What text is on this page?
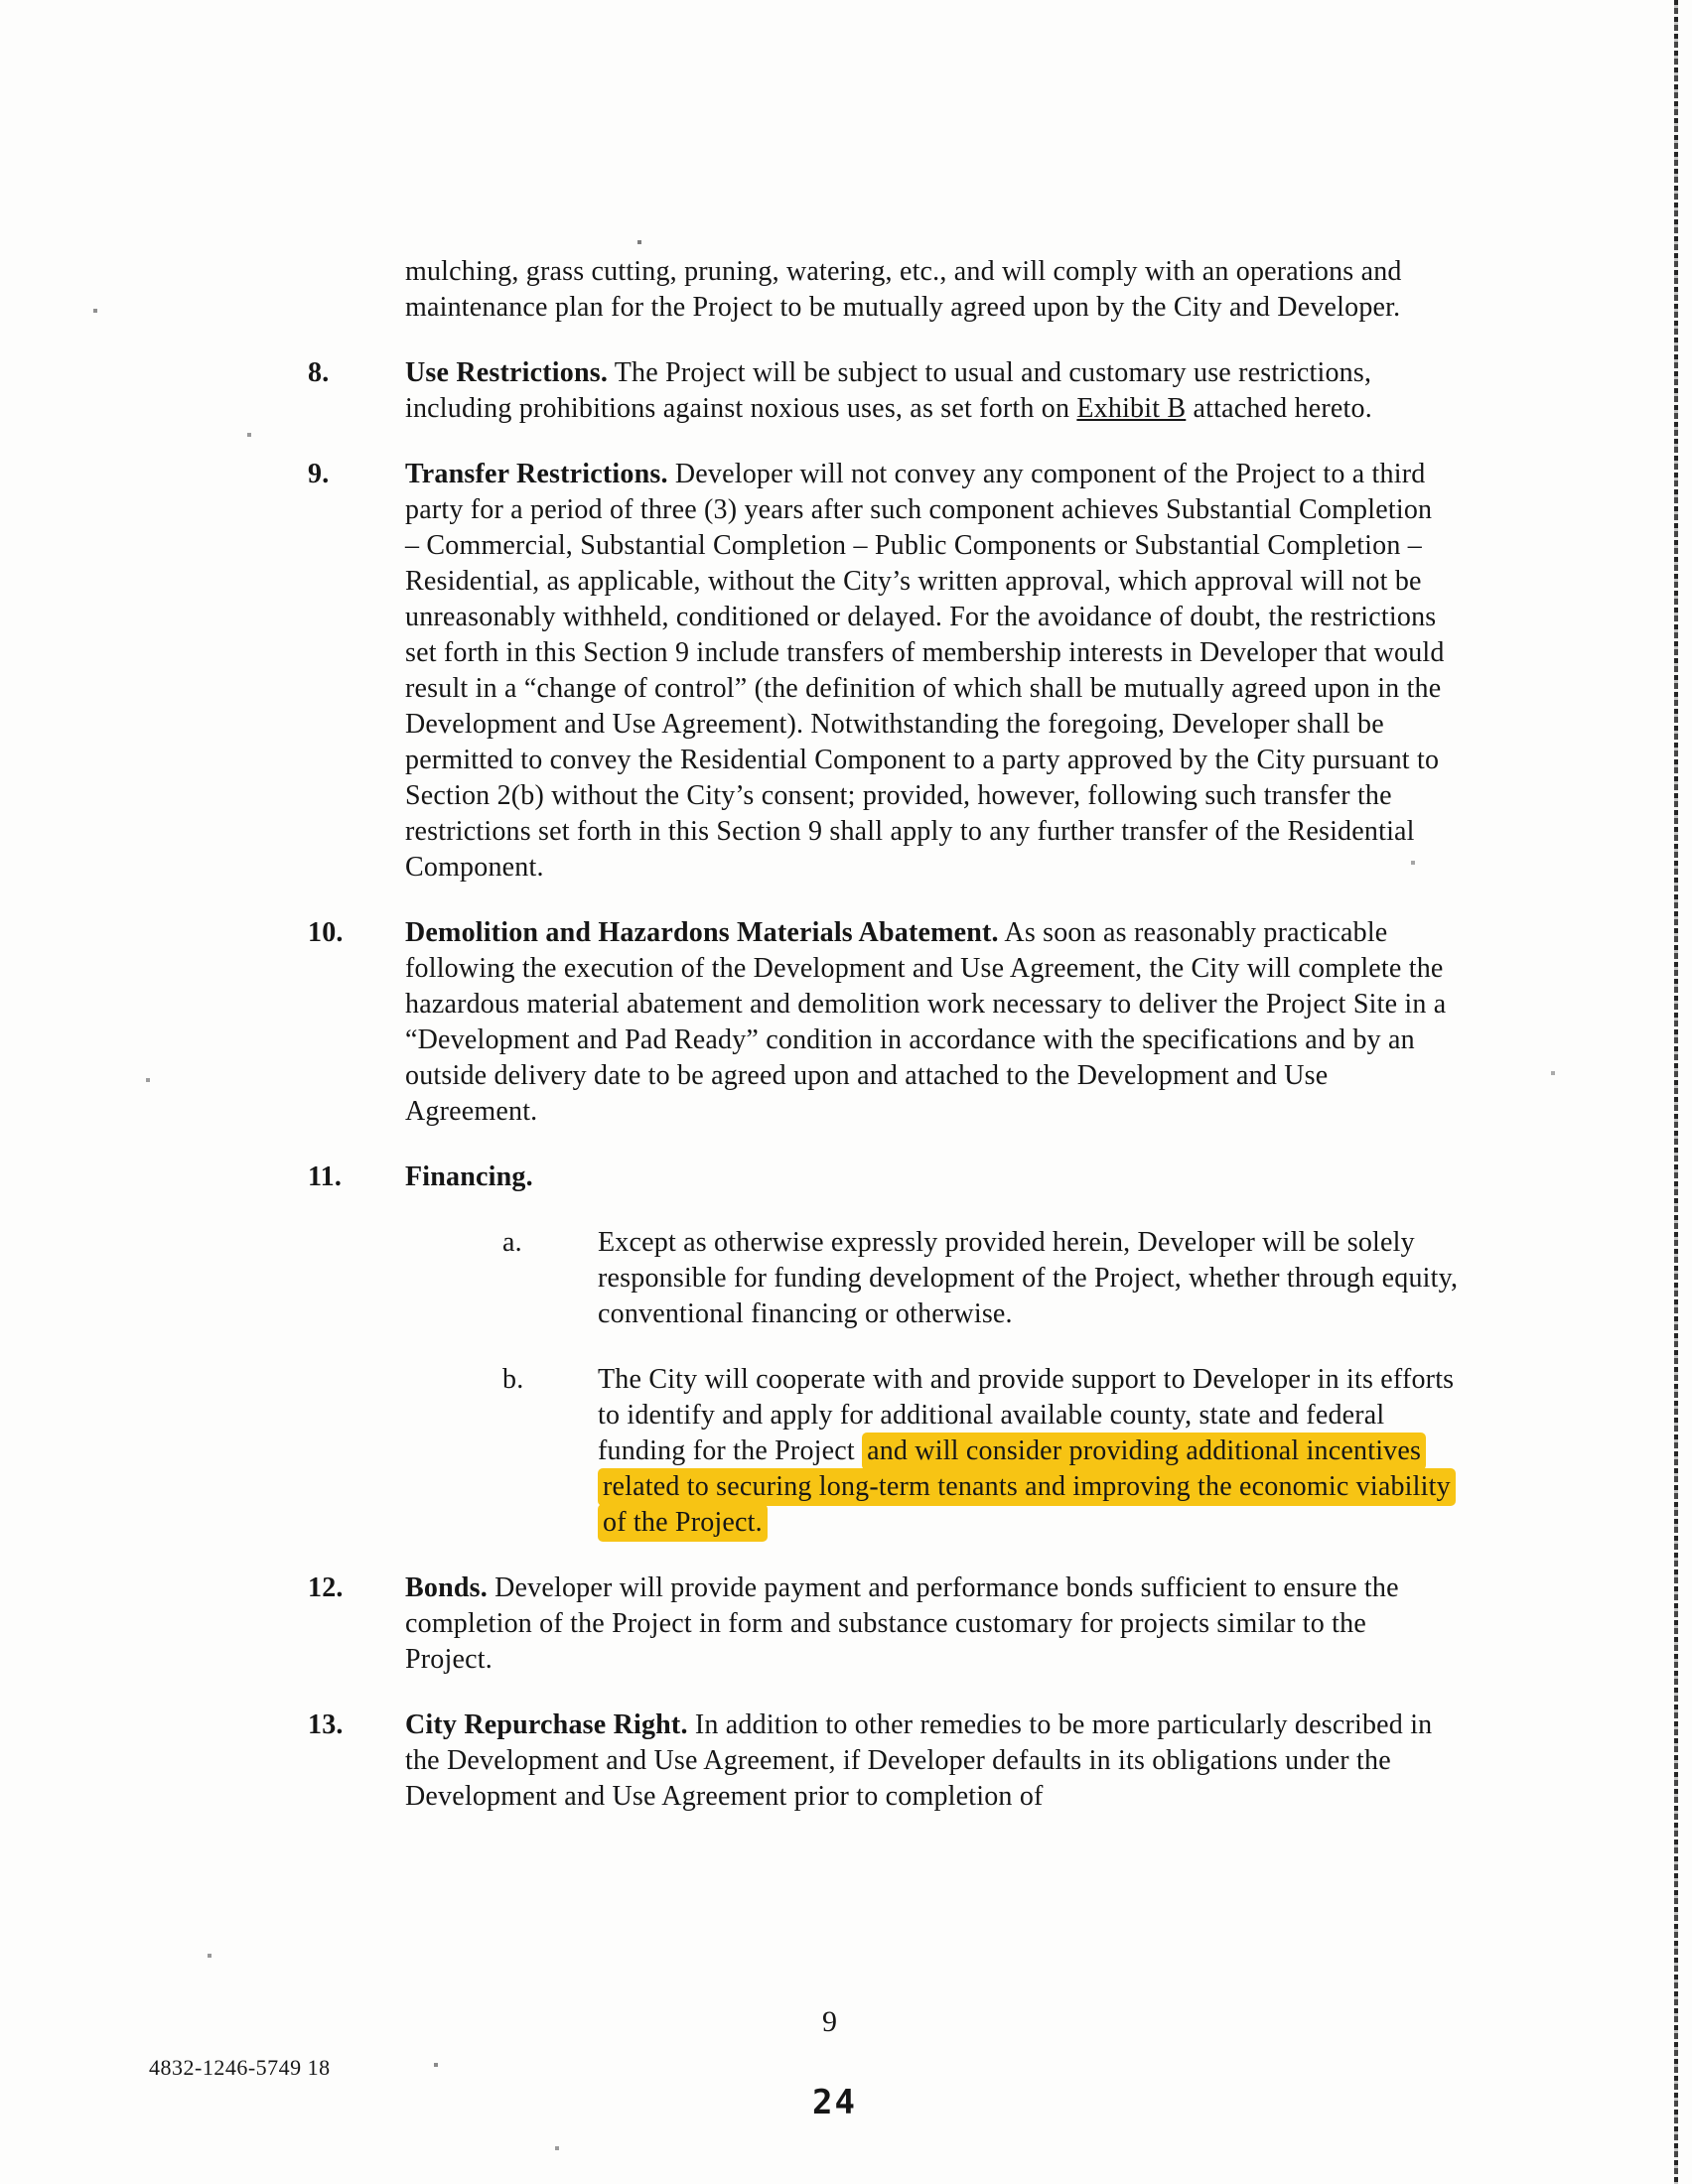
mulching, grass cutting, pruning, watering, etc., and will comply with an operations and maintenance plan for the Project to be mutually agreed upon by the City and Developer.

8.	Use Restrictions. The Project will be subject to usual and customary use restrictions, including prohibitions against noxious uses, as set forth on Exhibit B attached hereto.

9.	Transfer Restrictions. Developer will not convey any component of the Project to a third party for a period of three (3) years after such component achieves Substantial Completion – Commercial, Substantial Completion – Public Components or Substantial Completion – Residential, as applicable, without the City’s written approval, which approval will not be unreasonably withheld, conditioned or delayed. For the avoidance of doubt, the restrictions set forth in this Section 9 include transfers of membership interests in Developer that would result in a “change of control” (the definition of which shall be mutually agreed upon in the Development and Use Agreement). Notwithstanding the foregoing, Developer shall be permitted to convey the Residential Component to a party approved by the City pursuant to Section 2(b) without the City’s consent; provided, however, following such transfer the restrictions set forth in this Section 9 shall apply to any further transfer of the Residential Component.

10. Demolition and Hazardons Materials Abatement. As soon as reasonably practicable following the execution of the Development and Use Agreement, the City will complete the hazardous material abatement and demolition work necessary to deliver the Project Site in a “Development and Pad Ready” condition in accordance with the specifications and by an outside delivery date to be agreed upon and attached to the Development and Use Agreement.

11. Financing.

a.	Except as otherwise expressly provided herein, Developer will be solely responsible for funding development of the Project, whether through equity, conventional financing or otherwise.

b.	The City will cooperate with and provide support to Developer in its efforts to identify and apply for additional available county, state and federal funding for the Project and will consider providing additional incentives related to securing long-term tenants and improving the economic viability of the Project.

12. Bonds. Developer will provide payment and performance bonds sufficient to ensure the completion of the Project in form and substance customary for projects similar to the Project.

13. City Repurchase Right. In addition to other remedies to be more particularly described in the Development and Use Agreement, if Developer defaults in its obligations under the Development and Use Agreement prior to completion of

9
4832-1246-5749 18
24
